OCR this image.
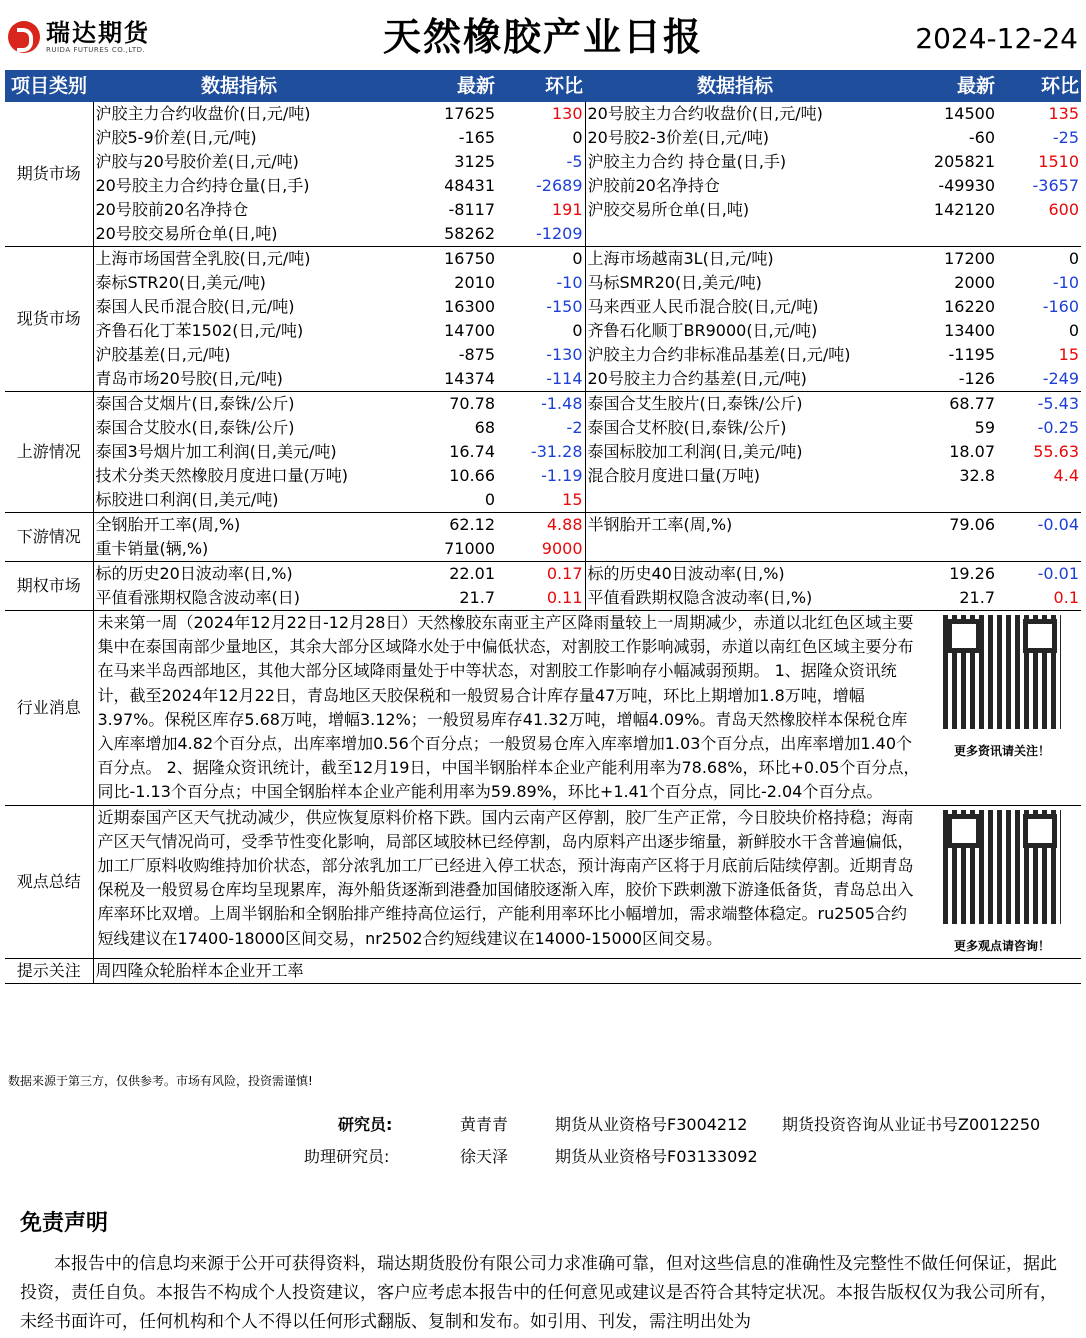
瑞达期货
RUIDA FUTURES CO.,LTD.	天然橡胶产业日报	2024-12-24
项目类别	数据指标	最新	环比	数据指标	最新	环比
期货市场	沪胶主力合约收盘价(日,元/吨)	17625	130	20号胶主力合约收盘价(日,元/吨)	14500	135
	沪胶5-9价差(日,元/吨)	-165	0	20号胶2-3价差(日,元/吨)	-60	-25
	沪胶与20号胶价差(日,元/吨)	3125	-5	沪胶主力合约 持仓量(日,手)	205821	1510
	20号胶主力合约持仓量(日,手)	48431	-2689	沪胶前20名净持仓	-49930	-3657
	20号胶前20名净持仓	-8117	191	沪胶交易所仓单(日,吨)	142120	600
	20号胶交易所仓单(日,吨)	58262	-1209			
现货市场	上海市场国营全乳胶(日,元/吨)	16750	0	上海市场越南3L(日,元/吨)	17200	0
	泰标STR20(日,美元/吨)	2010	-10	马标SMR20(日,美元/吨)	2000	-10
	泰国人民币混合胶(日,元/吨)	16300	-150	马来西亚人民币混合胶(日,元/吨)	16220	-160
	齐鲁石化丁苯1502(日,元/吨)	14700	0	齐鲁石化顺丁BR9000(日,元/吨)	13400	0
	沪胶基差(日,元/吨)	-875	-130	沪胶主力合约非标准品基差(日,元/吨)	-1195	15
	青岛市场20号胶(日,元/吨)	14374	-114	20号胶主力合约基差(日,元/吨)	-126	-249
上游情况	泰国合艾烟片(日,泰铢/公斤)	70.78	-1.48	泰国合艾生胶片(日,泰铢/公斤)	68.77	-5.43
	泰国合艾胶水(日,泰铢/公斤)	68	-2	泰国合艾杯胶(日,泰铢/公斤)	59	-0.25
	泰国3号烟片加工利润(日,美元/吨)	16.74	-31.28	泰国标胶加工利润(日,美元/吨)	18.07	55.63
	技术分类天然橡胶月度进口量(万吨)	10.66	-1.19	混合胶月度进口量(万吨)	32.8	4.4
	标胶进口利润(日,美元/吨)	0	15			
下游情况	全钢胎开工率(周,%)	62.12	4.88	半钢胎开工率(周,%)	79.06	-0.04
	重卡销量(辆,%)	71000	9000			
期权市场	标的历史20日波动率(日,%)	22.01	0.17	标的历史40日波动率(日,%)	19.26	-0.01
	平值看涨期权隐含波动率(日)	21.7	0.11	平值看跌期权隐含波动率(日,%)	21.7	0.1
行业消息	更多资讯请关注！
未来第一周（2024年12月22日-12月28日）天然橡胶东南亚主产区降雨量较上一周期减少，赤道以北红色区域主要集中在泰国南部少量地区，其余大部分区域降水处于中偏低状态，对割胶工作影响减弱，赤道以南红色区域主要分布在马来半岛西部地区，其他大部分区域降雨量处于中等状态，对割胶工作影响存小幅减弱预期。 1、据隆众资讯统计，截至2024年12月22日，青岛地区天胶保税和一般贸易合计库存量47万吨，环比上期增加1.8万吨，增幅3.97%。保税区库存5.68万吨，增幅3.12%；一般贸易库存41.32万吨，增幅4.09%。青岛天然橡胶样本保税仓库入库率增加4.82个百分点，出库率增加0.56个百分点；一般贸易仓库入库率增加1.03个百分点，出库率增加1.40个百分点。 2、据隆众资讯统计，截至12月19日，中国半钢胎样本企业产能利用率为78.68%，环比+0.05个百分点，同比-1.13个百分点；中国全钢胎样本企业产能利用率为59.89%，环比+1.41个百分点，同比-2.04个百分点。					
观点总结	更多观点请咨询！
近期泰国产区天气扰动减少，供应恢复原料价格下跌。国内云南产区停割，胶厂生产正常，今日胶块价格持稳；海南产区天气情况尚可，受季节性变化影响，局部区域胶林已经停割，岛内原料产出逐步缩量，新鲜胶水干含普遍偏低，加工厂原料收购维持加价状态，部分浓乳加工厂已经进入停工状态，预计海南产区将于月底前后陆续停割。近期青岛保税及一般贸易仓库均呈现累库，海外船货逐渐到港叠加国储胶逐渐入库，胶价下跌刺激下游逢低备货，青岛总出入库率环比双增。上周半钢胎和全钢胎排产维持高位运行，产能利用率环比小幅增加，需求端整体稳定。ru2505合约短线建议在17400-18000区间交易，nr2502合约短线建议在14000-15000区间交易。					
提示关注	周四隆众轮胎样本企业开工率					
数据来源于第三方，仅供参考。市场有风险，投资需谨慎!
研究员:	黄青青	期货从业资格号F3004212 期货投资咨询从业证书号Z0012250
助理研究员:	徐天泽	期货从业资格号F03133092
免责声明
本报告中的信息均来源于公开可获得资料，瑞达期货股份有限公司力求准确可靠，但对这些信息的准确性及完整性不做任何保证，据此投资，责任自负。本报告不构成个人投资建议，客户应考虑本报告中的任何意见或建议是否符合其特定状况。本报告版权仅为我公司所有，未经书面许可，任何机构和个人不得以任何形式翻版、复制和发布。如引用、刊发，需注明出处为
